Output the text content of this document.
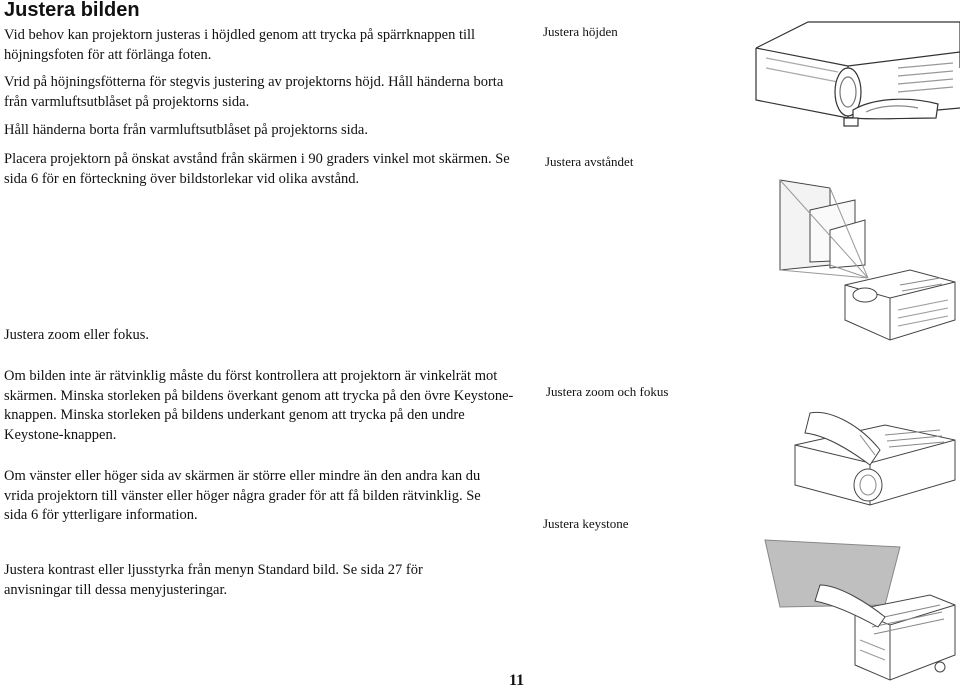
Justera bilden

Vid behov kan projektorn justeras i höjdled genom att trycka på spärrknappen till höjningsfoten för att förlänga foten.

Vrid på höjningsfötterna för stegvis justering av projektorns höjd. Håll händerna borta från varmluftsutblåset på projektorns sida.

Håll händerna borta från varmluftsutblåset på projektorns sida.

Placera projektorn på önskat avstånd från skärmen i 90 graders vinkel mot skärmen. Se sida 6 för en förteckning över bildstorlekar vid olika avstånd.

Justera zoom eller fokus.

Om bilden inte är rätvinklig måste du först kontrollera att projektorn är vinkelrät mot skärmen. Minska storleken på bildens överkant genom att trycka på den övre Keystone-knappen. Minska storleken på bildens underkant genom att trycka på den undre Keystone-knappen.

Om vänster eller höger sida av skärmen är större eller mindre än den andra kan du vrida projektorn till vänster eller höger några grader för att få bilden rätvinklig. Se sida 6 för ytterligare information.

Justera kontrast eller ljusstyrka från menyn Standard bild. Se sida 27 för anvisningar till dessa menyjusteringar.

Justera höjden
Justera avståndet
Justera zoom och fokus
Justera keystone
11
